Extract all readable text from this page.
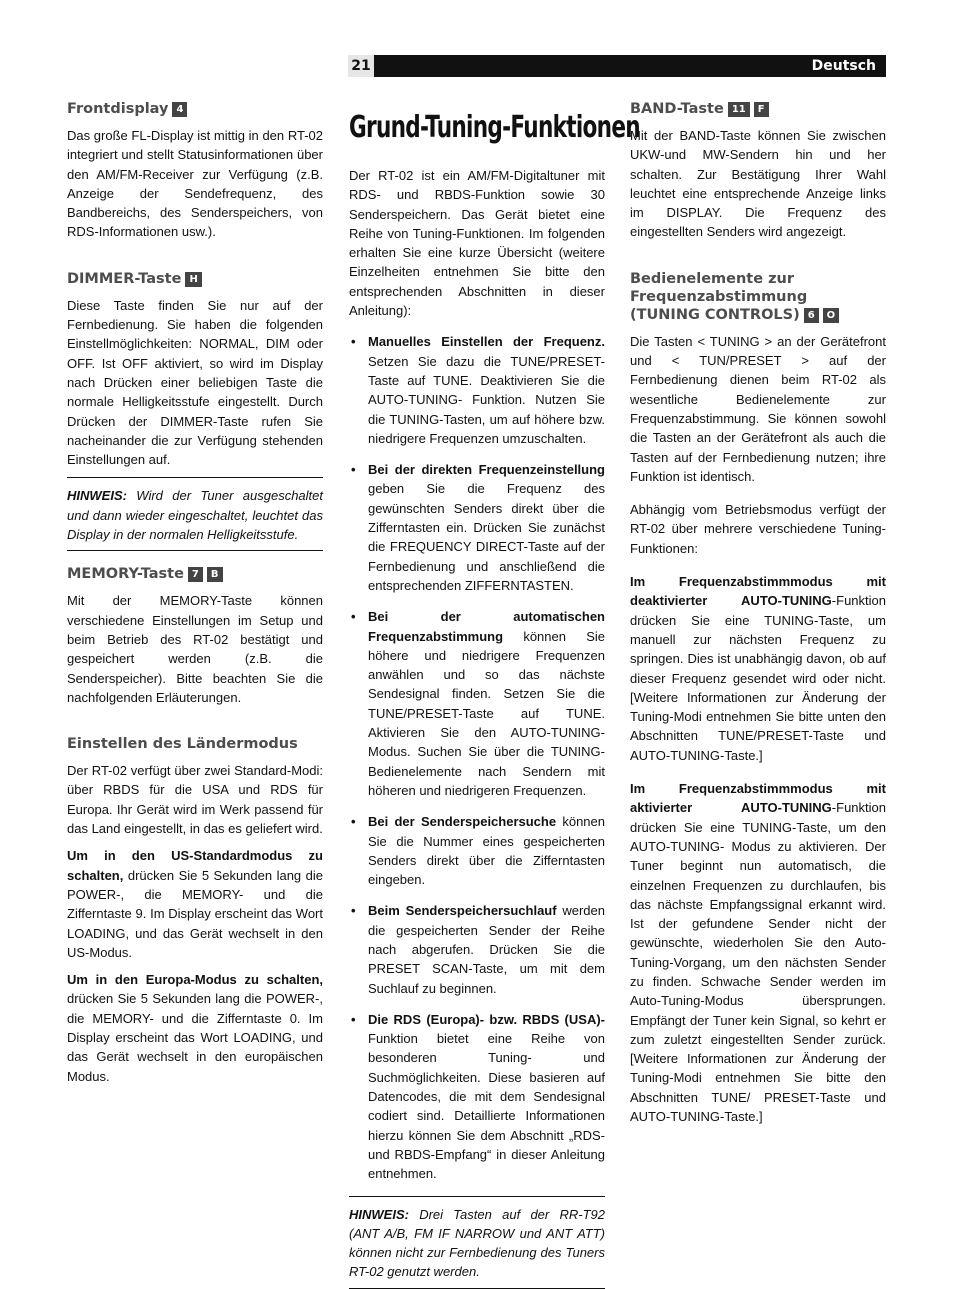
21	Deutsch
Frontdisplay 4

Das große FL-Display ist mittig in den RT-02 integriert und stellt Statusinformationen über den AM/FM-Receiver zur Verfügung (z.B. Anzeige der Sendefrequenz, des Bandbereichs, des Senderspeichers, von RDS-Informationen usw.).

DIMMER-Taste H

Diese Taste finden Sie nur auf der Fernbedienung. Sie haben die folgenden Einstellmöglichkeiten: NORMAL, DIM oder OFF. Ist OFF aktiviert, so wird im Display nach Drücken einer beliebigen Taste die normale Helligkeitsstufe eingestellt. Durch Drücken der DIMMER-Taste rufen Sie nacheinander die zur Verfügung stehenden Einstellungen auf.

HINWEIS: Wird der Tuner ausgeschaltet und dann wieder eingeschaltet, leuchtet das Display in der normalen Helligkeitsstufe.
MEMORY-Taste 7 B

Mit der MEMORY-Taste können verschiedene Einstellungen im Setup und beim Betrieb des RT-02 bestätigt und gespeichert werden (z.B. die Senderspeicher). Bitte beachten Sie die nachfolgenden Erläuterungen.

Einstellen des Ländermodus

Der RT-02 verfügt über zwei Standard-Modi: über RBDS für die USA und RDS für Europa. Ihr Gerät wird im Werk passend für das Land eingestellt, in das es geliefert wird.

Um in den US-Standardmodus zu schalten, drücken Sie 5 Sekunden lang die POWER-, die MEMORY- und die Zifferntaste 9. Im Display erscheint das Wort LOADING, und das Gerät wechselt in den US-Modus.

Um in den Europa-Modus zu schalten, drücken Sie 5 Sekunden lang die POWER-, die MEMORY- und die Zifferntaste 0. Im Display erscheint das Wort LOADING, und das Gerät wechselt in den europäischen Modus.

Grund-Tuning-Funktionen

Der RT-02 ist ein AM/FM-Digitaltuner mit RDS- und RBDS-Funktion sowie 30 Senderspeichern. Das Gerät bietet eine Reihe von Tuning-Funktionen. Im folgenden erhalten Sie eine kurze Übersicht (weitere Einzelheiten entnehmen Sie bitte den entsprechenden Abschnitten in dieser Anleitung):

• Manuelles Einstellen der Frequenz. Setzen Sie dazu die TUNE/PRESET-Taste auf TUNE. Deaktivieren Sie die AUTO-TUNING- Funktion. Nutzen Sie die TUNING-Tasten, um auf höhere bzw. niedrigere Frequenzen umzuschalten.
• Bei der direkten Frequenzeinstellung geben Sie die Frequenz des gewünschten Senders direkt über die Zifferntasten ein. Drücken Sie zunächst die FREQUENCY DIRECT-Taste auf der Fernbedienung und anschließend die entsprechenden ZIFFERNTASTEN.
• Bei der automatischen Frequenzabstimmung können Sie höhere und niedrigere Frequenzen anwählen und so das nächste Sendesignal finden. Setzen Sie die TUNE/PRESET-Taste auf TUNE. Aktivieren Sie den AUTO-TUNING-Modus. Suchen Sie über die TUNING-Bedienelemente nach Sendern mit höheren und niedrigeren Frequenzen.
• Bei der Senderspeichersuche können Sie die Nummer eines gespeicherten Senders direkt über die Zifferntasten eingeben.
• Beim Senderspeichersuchlauf werden die gespeicherten Sender der Reihe nach abgerufen. Drücken Sie die PRESET SCAN-Taste, um mit dem Suchlauf zu beginnen.
• Die RDS (Europa)- bzw. RBDS (USA)- Funktion bietet eine Reihe von besonderen Tuning- und Suchmöglichkeiten. Diese basieren auf Datencodes, die mit dem Sendesignal codiert sind. Detaillierte Informationen hierzu können Sie dem Abschnitt „RDS- und RBDS-Empfang“ in dieser Anleitung entnehmen.
HINWEIS: Drei Tasten auf der RR-T92 (ANT A/B, FM IF NARROW und ANT ATT) können nicht zur Fernbedienung des Tuners RT-02 genutzt werden.
BAND-Taste 11 F

Mit der BAND-Taste können Sie zwischen UKW-und MW-Sendern hin und her schalten. Zur Bestätigung Ihrer Wahl leuchtet eine entsprechende Anzeige links im DISPLAY. Die Frequenz des eingestellten Senders wird angezeigt.

Bedienelemente zur
Frequenzabstimmung
(TUNING CONTROLS) 6 O

Die Tasten < TUNING > an der Gerätefront und < TUN/PRESET > auf der Fernbedienung dienen beim RT-02 als wesentliche Bedienelemente zur Frequenzabstimmung. Sie können sowohl die Tasten an der Gerätefront als auch die Tasten auf der Fernbedienung nutzen; ihre Funktion ist identisch.

Abhängig vom Betriebsmodus verfügt der RT-02 über mehrere verschiedene Tuning-Funktionen:

Im Frequenzabstimmmodus mit deaktivierter AUTO-TUNING-Funktion drücken Sie eine TUNING-Taste, um manuell zur nächsten Frequenz zu springen. Dies ist unabhängig davon, ob auf dieser Frequenz gesendet wird oder nicht. [Weitere Informationen zur Änderung der Tuning-Modi entnehmen Sie bitte unten den Abschnitten TUNE/PRESET-Taste und AUTO-TUNING-Taste.]

Im Frequenzabstimmmodus mit aktivierter AUTO-TUNING-Funktion drücken Sie eine TUNING-Taste, um den AUTO-TUNING- Modus zu aktivieren. Der Tuner beginnt nun automatisch, die einzelnen Frequenzen zu durchlaufen, bis das nächste Empfangssignal erkannt wird. Ist der gefundene Sender nicht der gewünschte, wiederholen Sie den Auto-Tuning-Vorgang, um den nächsten Sender zu finden. Schwache Sender werden im Auto-Tuning-Modus übersprungen. Empfängt der Tuner kein Signal, so kehrt er zum zuletzt eingestellten Sender zurück. [Weitere Informationen zur Änderung der Tuning-Modi entnehmen Sie bitte den Abschnitten TUNE/ PRESET-Taste und AUTO-TUNING-Taste.]
